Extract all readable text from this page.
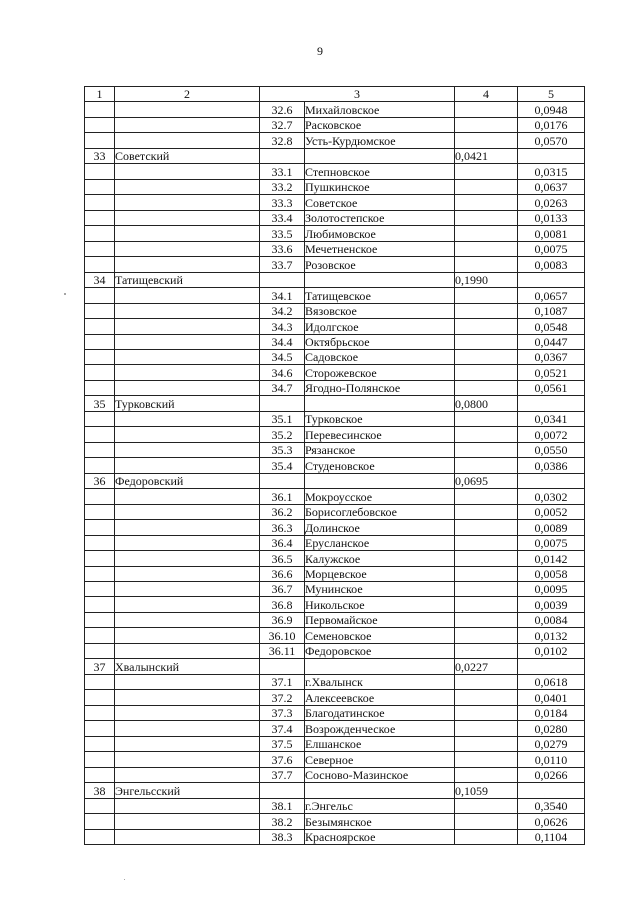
9
1	2	3		4	5
		32.6	Михайловское		0,0948
		32.7	Расковское		0,0176
		32.8	Усть-Курдюмское		0,0570
33	Советский			0,0421	
		33.1	Степновское		0,0315
		33.2	Пушкинское		0,0637
		33.3	Советское		0,0263
		33.4	Золотостепское		0,0133
		33.5	Любимовское		0,0081
		33.6	Мечетненское		0,0075
		33.7	Розовское		0,0083
34	Татищевский			0,1990	
		34.1	Татищевское		0,0657
		34.2	Вязовское		0,1087
		34.3	Идолгское		0,0548
		34.4	Октябрьское		0,0447
		34.5	Садовское		0,0367
		34.6	Сторожевское		0,0521
		34.7	Ягодно-Полянское		0,0561
35	Турковский			0,0800	
		35.1	Турковское		0,0341
		35.2	Перевесинское		0,0072
		35.3	Рязанское		0,0550
		35.4	Студеновское		0,0386
36	Федоровский			0,0695	
		36.1	Мокроусское		0,0302
		36.2	Борисоглебовское		0,0052
		36.3	Долинское		0,0089
		36.4	Ерусланское		0,0075
		36.5	Калужское		0,0142
		36.6	Морцевское		0,0058
		36.7	Мунинское		0,0095
		36.8	Никольское		0,0039
		36.9	Первомайское		0,0084
		36.10	Семеновское		0,0132
		36.11	Федоровское		0,0102
37	Хвалынский			0,0227	
		37.1	г.Хвалынск		0,0618
		37.2	Алексеевское		0,0401
		37.3	Благодатинское		0,0184
		37.4	Возрожденческое		0,0280
		37.5	Елшанское		0,0279
		37.6	Северное		0,0110
		37.7	Сосново-Мазинское		0,0266
38	Энгельсский			0,1059	
		38.1	г.Энгельс		0,3540
		38.2	Безымянское		0,0626
		38.3	Красноярское		0,1104
